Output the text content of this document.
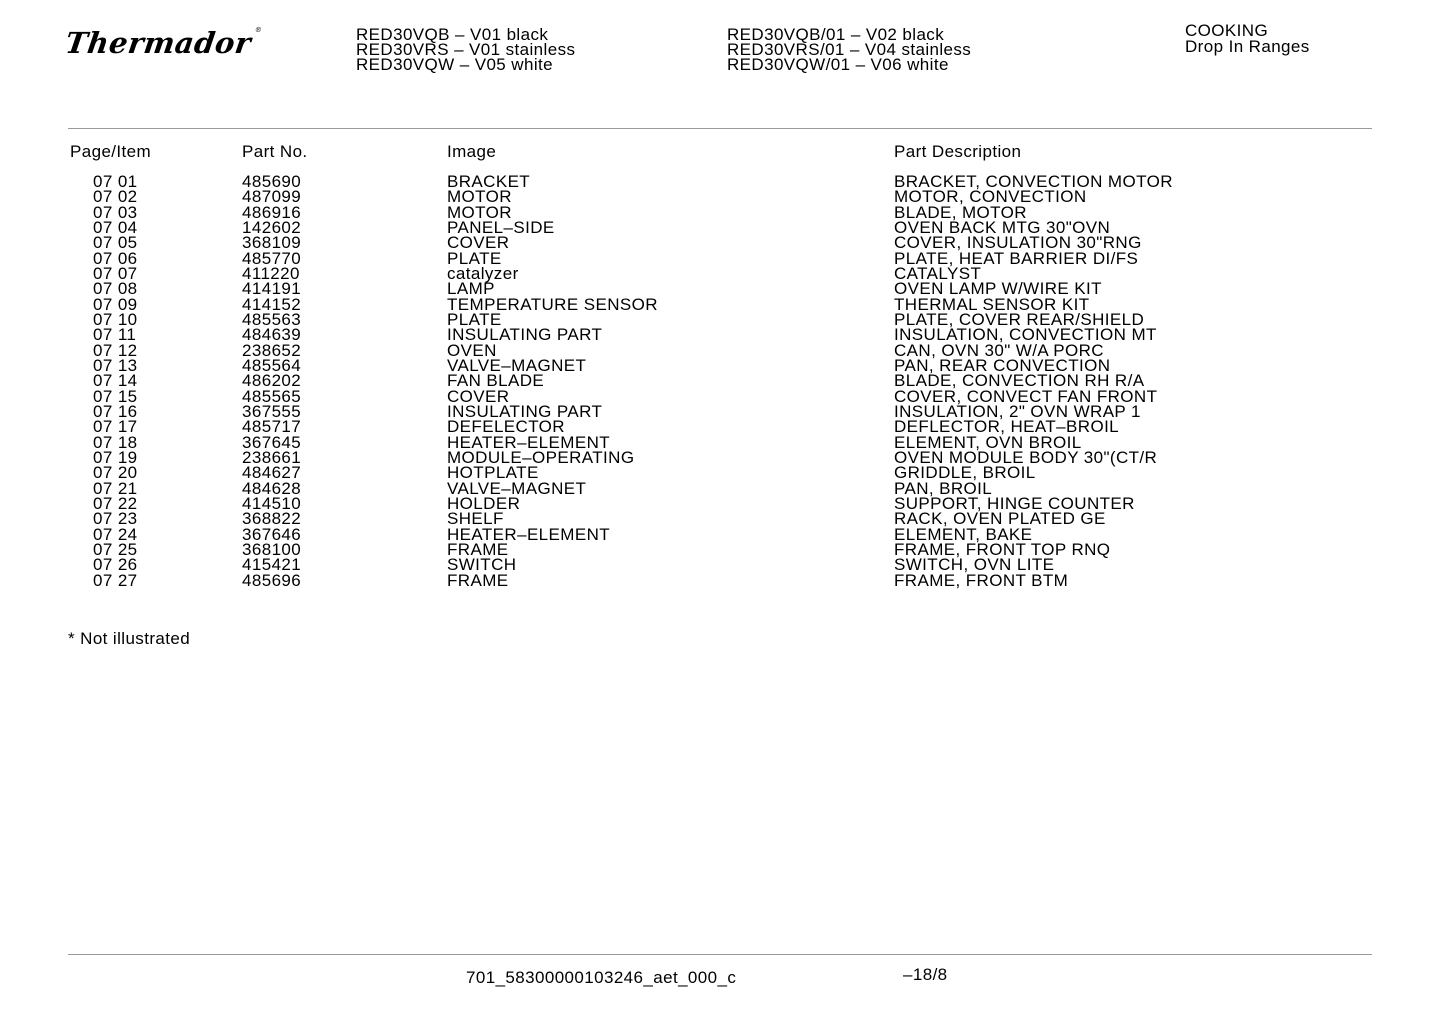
Thermador®	RED30VQB – V01 black
RED30VRS – V01 stainless
RED30VQW – V05 white
RED30VQB/01 – V02 black
RED30VRS/01 – V04 stainless
RED30VQW/01 – V06 white
COOKING
Drop In Ranges
Page/Item	Part No.	Image	Part Description
07 01	485690	BRACKET	BRACKET, CONVECTION MOTOR
07 02	487099	MOTOR	MOTOR, CONVECTION
07 03	486916	MOTOR	BLADE, MOTOR
07 04	142602	PANEL–SIDE	OVEN BACK MTG 30"OVN
07 05	368109	COVER	COVER, INSULATION 30"RNG
07 06	485770	PLATE	PLATE, HEAT BARRIER DI/FS
07 07	411220	catalyzer	CATALYST
07 08	414191	LAMP	OVEN LAMP W/WIRE KIT
07 09	414152	TEMPERATURE SENSOR	THERMAL SENSOR KIT
07 10	485563	PLATE	PLATE, COVER REAR/SHIELD
07 11	484639	INSULATING PART	INSULATION, CONVECTION MT
07 12	238652	OVEN	CAN, OVN 30" W/A PORC
07 13	485564	VALVE–MAGNET	PAN, REAR CONVECTION
07 14	486202	FAN BLADE	BLADE, CONVECTION RH R/A
07 15	485565	COVER	COVER, CONVECT FAN FRONT
07 16	367555	INSULATING PART	INSULATION, 2" OVN WRAP 1
07 17	485717	DEFELECTOR	DEFLECTOR, HEAT–BROIL
07 18	367645	HEATER–ELEMENT	ELEMENT, OVN BROIL
07 19	238661	MODULE–OPERATING	OVEN MODULE BODY 30"(CT/R
07 20	484627	HOTPLATE	GRIDDLE, BROIL
07 21	484628	VALVE–MAGNET	PAN, BROIL
07 22	414510	HOLDER	SUPPORT, HINGE COUNTER
07 23	368822	SHELF	RACK, OVEN PLATED GE
07 24	367646	HEATER–ELEMENT	ELEMENT, BAKE
07 25	368100	FRAME	FRAME, FRONT TOP RNQ
07 26	415421	SWITCH	SWITCH, OVN LITE
07 27	485696	FRAME	FRAME, FRONT BTM
* Not illustrated
701_58300000103246_aet_000_c	–18/8
